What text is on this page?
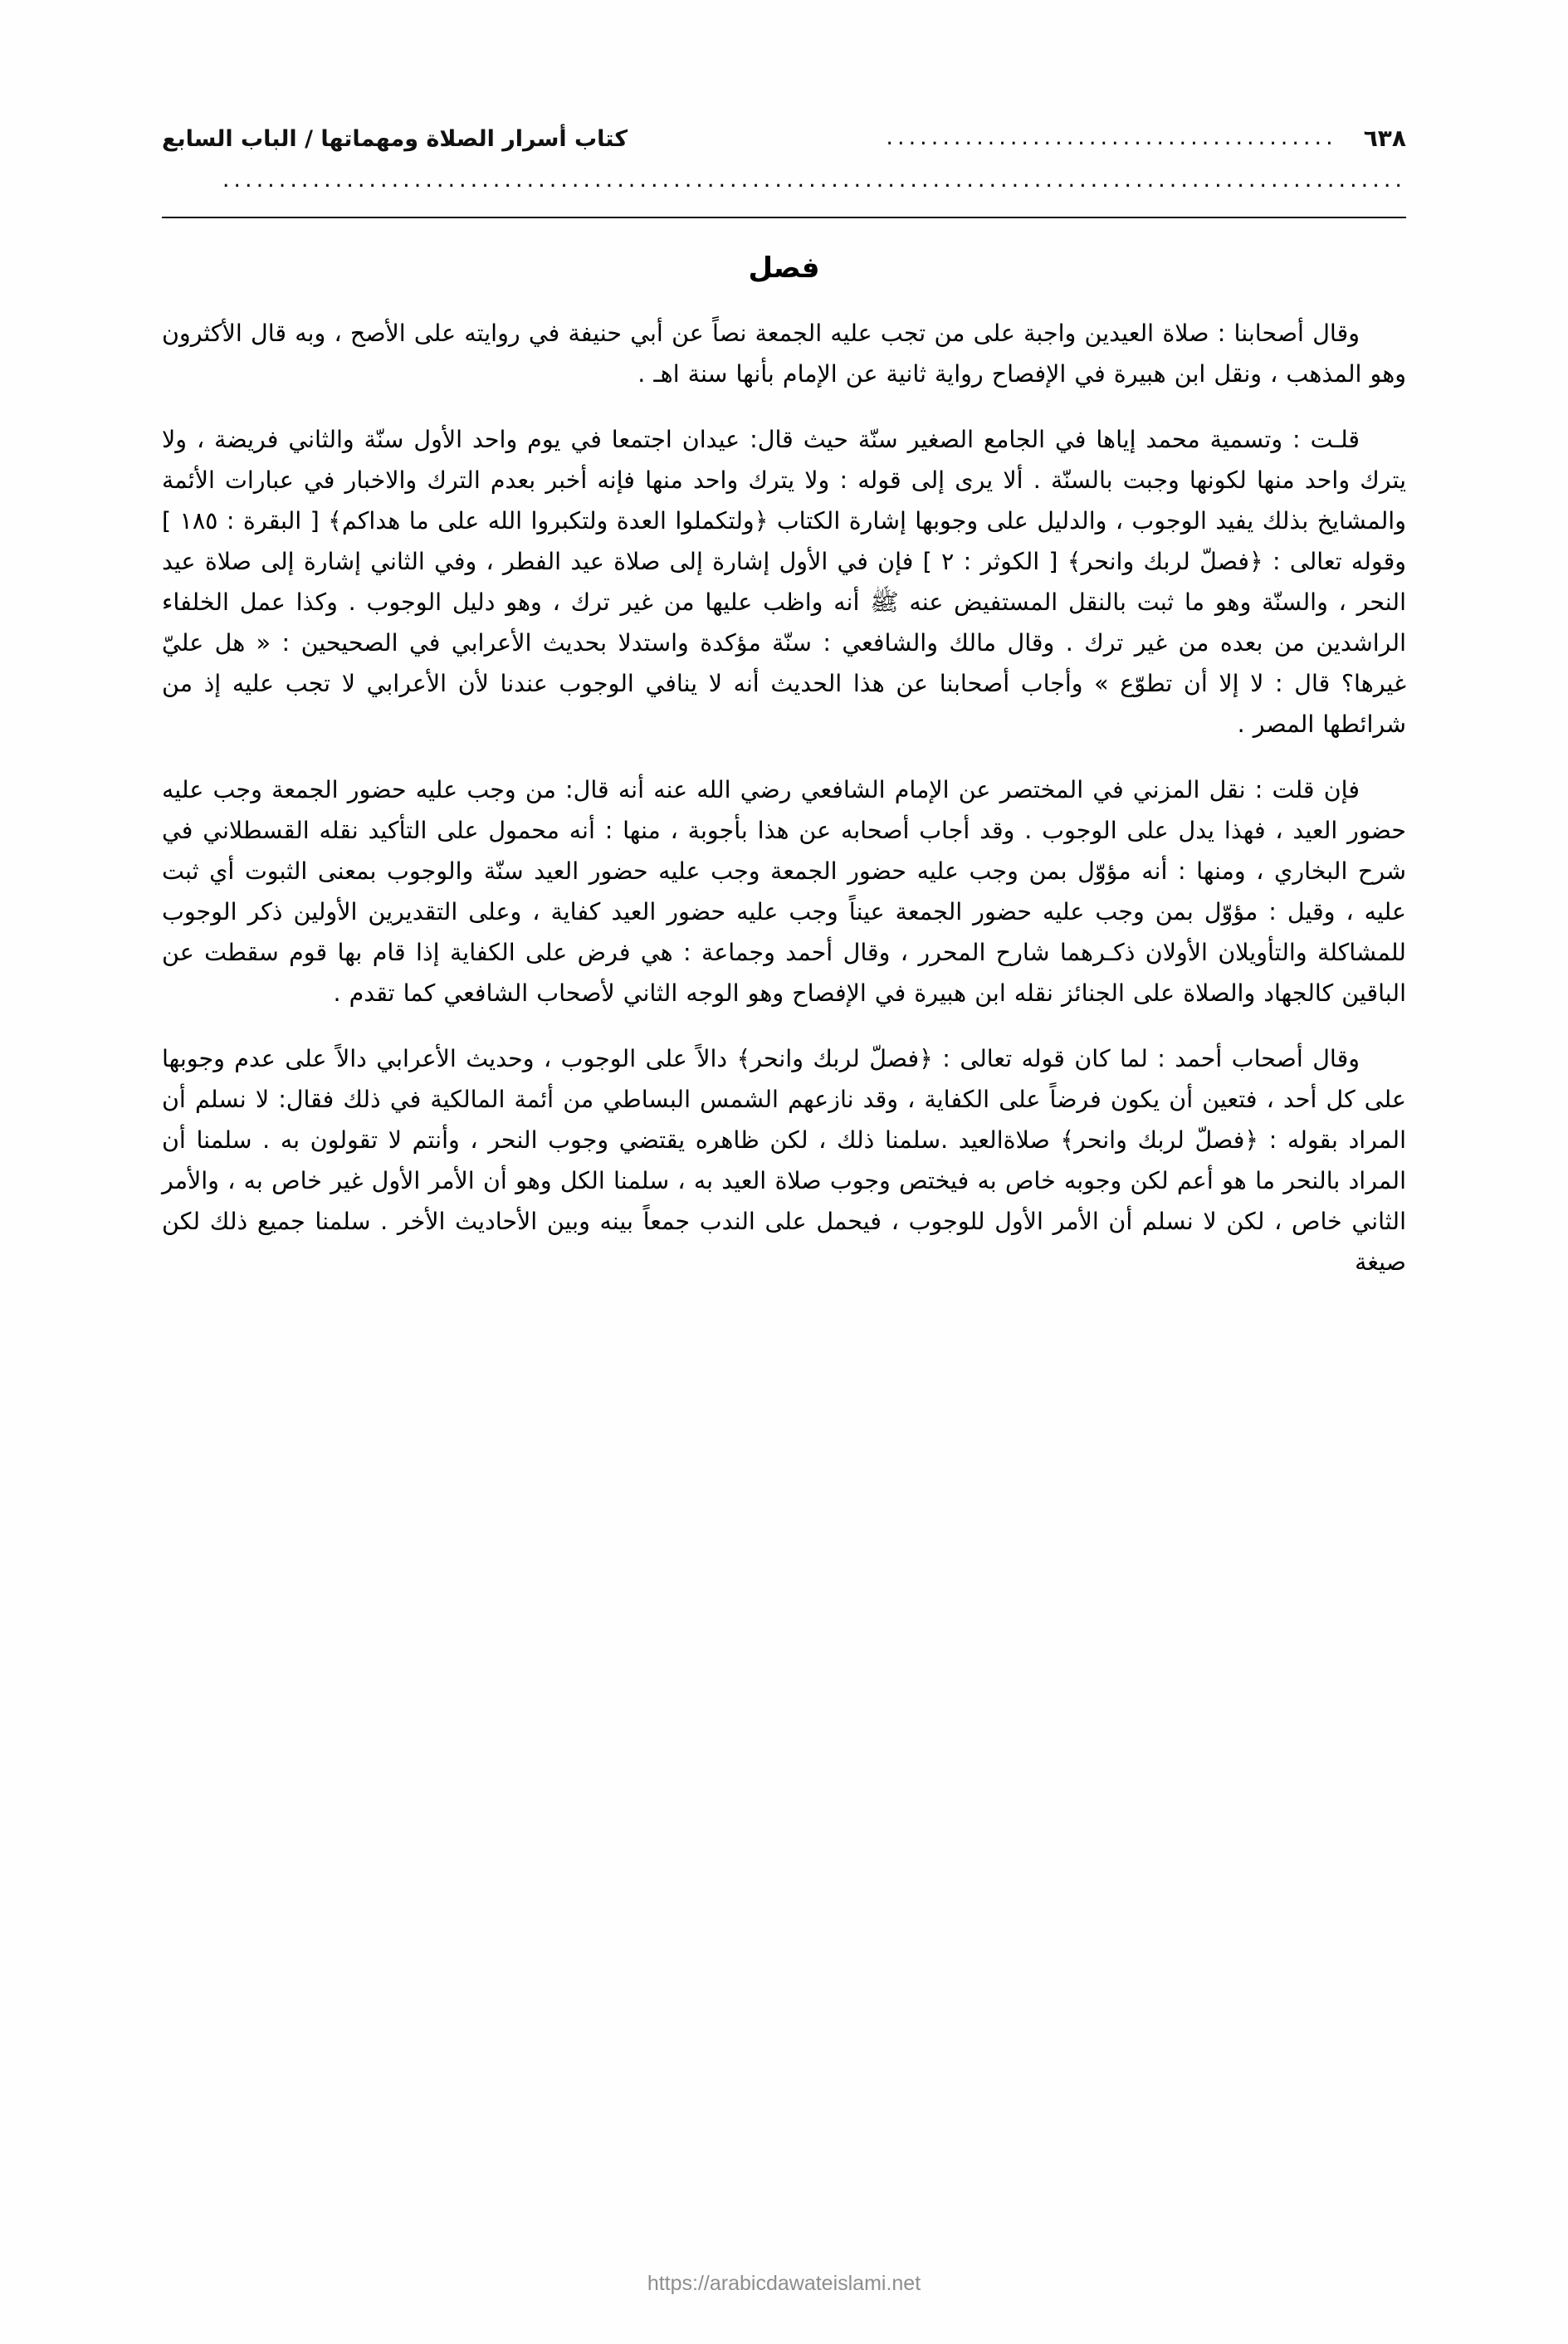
٦٣٨
........................................
كتاب أسرار الصلاة ومهماتها / الباب السابع
.........................................................................................................
فصل

وقال أصحابنا : صلاة العيدين واجبة على من تجب عليه الجمعة نصاً عن أبي حنيفة في روايته على الأصح ، وبه قال الأكثرون وهو المذهب ، ونقل ابن هبيرة في الإفصاح رواية ثانية عن الإمام بأنها سنة اهـ .

قلـت : وتسمية محمد إياها في الجامع الصغير سنّة حيث قال: عيدان اجتمعا في يوم واحد الأول سنّة والثاني فريضة ، ولا يترك واحد منها لكونها وجبت بالسنّة . ألا يرى إلى قوله : ولا يترك واحد منها فإنه أخبر بعدم الترك والاخبار في عبارات الأئمة والمشايخ بذلك يفيد الوجوب ، والدليل على وجوبها إشارة الكتاب ﴿ولتكملوا العدة ولتكبروا الله على ما هداكم﴾ [ البقرة : ١٨٥ ] وقوله تعالى : ﴿فصلّ لربك وانحر﴾ [ الكوثر : ٢ ] فإن في الأول إشارة إلى صلاة عيد الفطر ، وفي الثاني إشارة إلى صلاة عيد النحر ، والسنّة وهو ما ثبت بالنقل المستفيض عنه ﷺ أنه واظب عليها من غير ترك ، وهو دليل الوجوب . وكذا عمل الخلفاء الراشدين من بعده من غير ترك . وقال مالك والشافعي : سنّة مؤكدة واستدلا بحديث الأعرابي في الصحيحين : « هل عليّ غيرها؟ قال : لا إلا أن تطوّع » وأجاب أصحابنا عن هذا الحديث أنه لا ينافي الوجوب عندنا لأن الأعرابي لا تجب عليه إذ من شرائطها المصر .

فإن قلت : نقل المزني في المختصر عن الإمام الشافعي رضي الله عنه أنه قال: من وجب عليه حضور الجمعة وجب عليه حضور العيد ، فهذا يدل على الوجوب . وقد أجاب أصحابه عن هذا بأجوبة ، منها : أنه محمول على التأكيد نقله القسطلاني في شرح البخاري ، ومنها : أنه مؤوّل بمن وجب عليه حضور الجمعة وجب عليه حضور العيد سنّة والوجوب بمعنى الثبوت أي ثبت عليه ، وقيل : مؤوّل بمن وجب عليه حضور الجمعة عيناً وجب عليه حضور العيد كفاية ، وعلى التقديرين الأولين ذكر الوجوب للمشاكلة والتأويلان الأولان ذكـرهما شارح المحرر ، وقال أحمد وجماعة : هي فرض على الكفاية إذا قام بها قوم سقطت عن الباقين كالجهاد والصلاة على الجنائز نقله ابن هبيرة في الإفصاح وهو الوجه الثاني لأصحاب الشافعي كما تقدم .

وقال أصحاب أحمد : لما كان قوله تعالى : ﴿فصلّ لربك وانحر﴾ دالاً على الوجوب ، وحديث الأعرابي دالاً على عدم وجوبها على كل أحد ، فتعين أن يكون فرضاً على الكفاية ، وقد نازعهم الشمس البساطي من أئمة المالكية في ذلك فقال: لا نسلم أن المراد بقوله : ﴿فصلّ لربك وانحر﴾ صلاةالعيد .سلمنا ذلك ، لكن ظاهره يقتضي وجوب النحر ، وأنتم لا تقولون به . سلمنا أن المراد بالنحر ما هو أعم لكن وجوبه خاص به فيختص وجوب صلاة العيد به ، سلمنا الكل وهو أن الأمر الأول غير خاص به ، والأمر الثاني خاص ، لكن لا نسلم أن الأمر الأول للوجوب ، فيحمل على الندب جمعاً بينه وبين الأحاديث الأخر . سلمنا جميع ذلك لكن صيغة

https://arabicdawateislami.net
